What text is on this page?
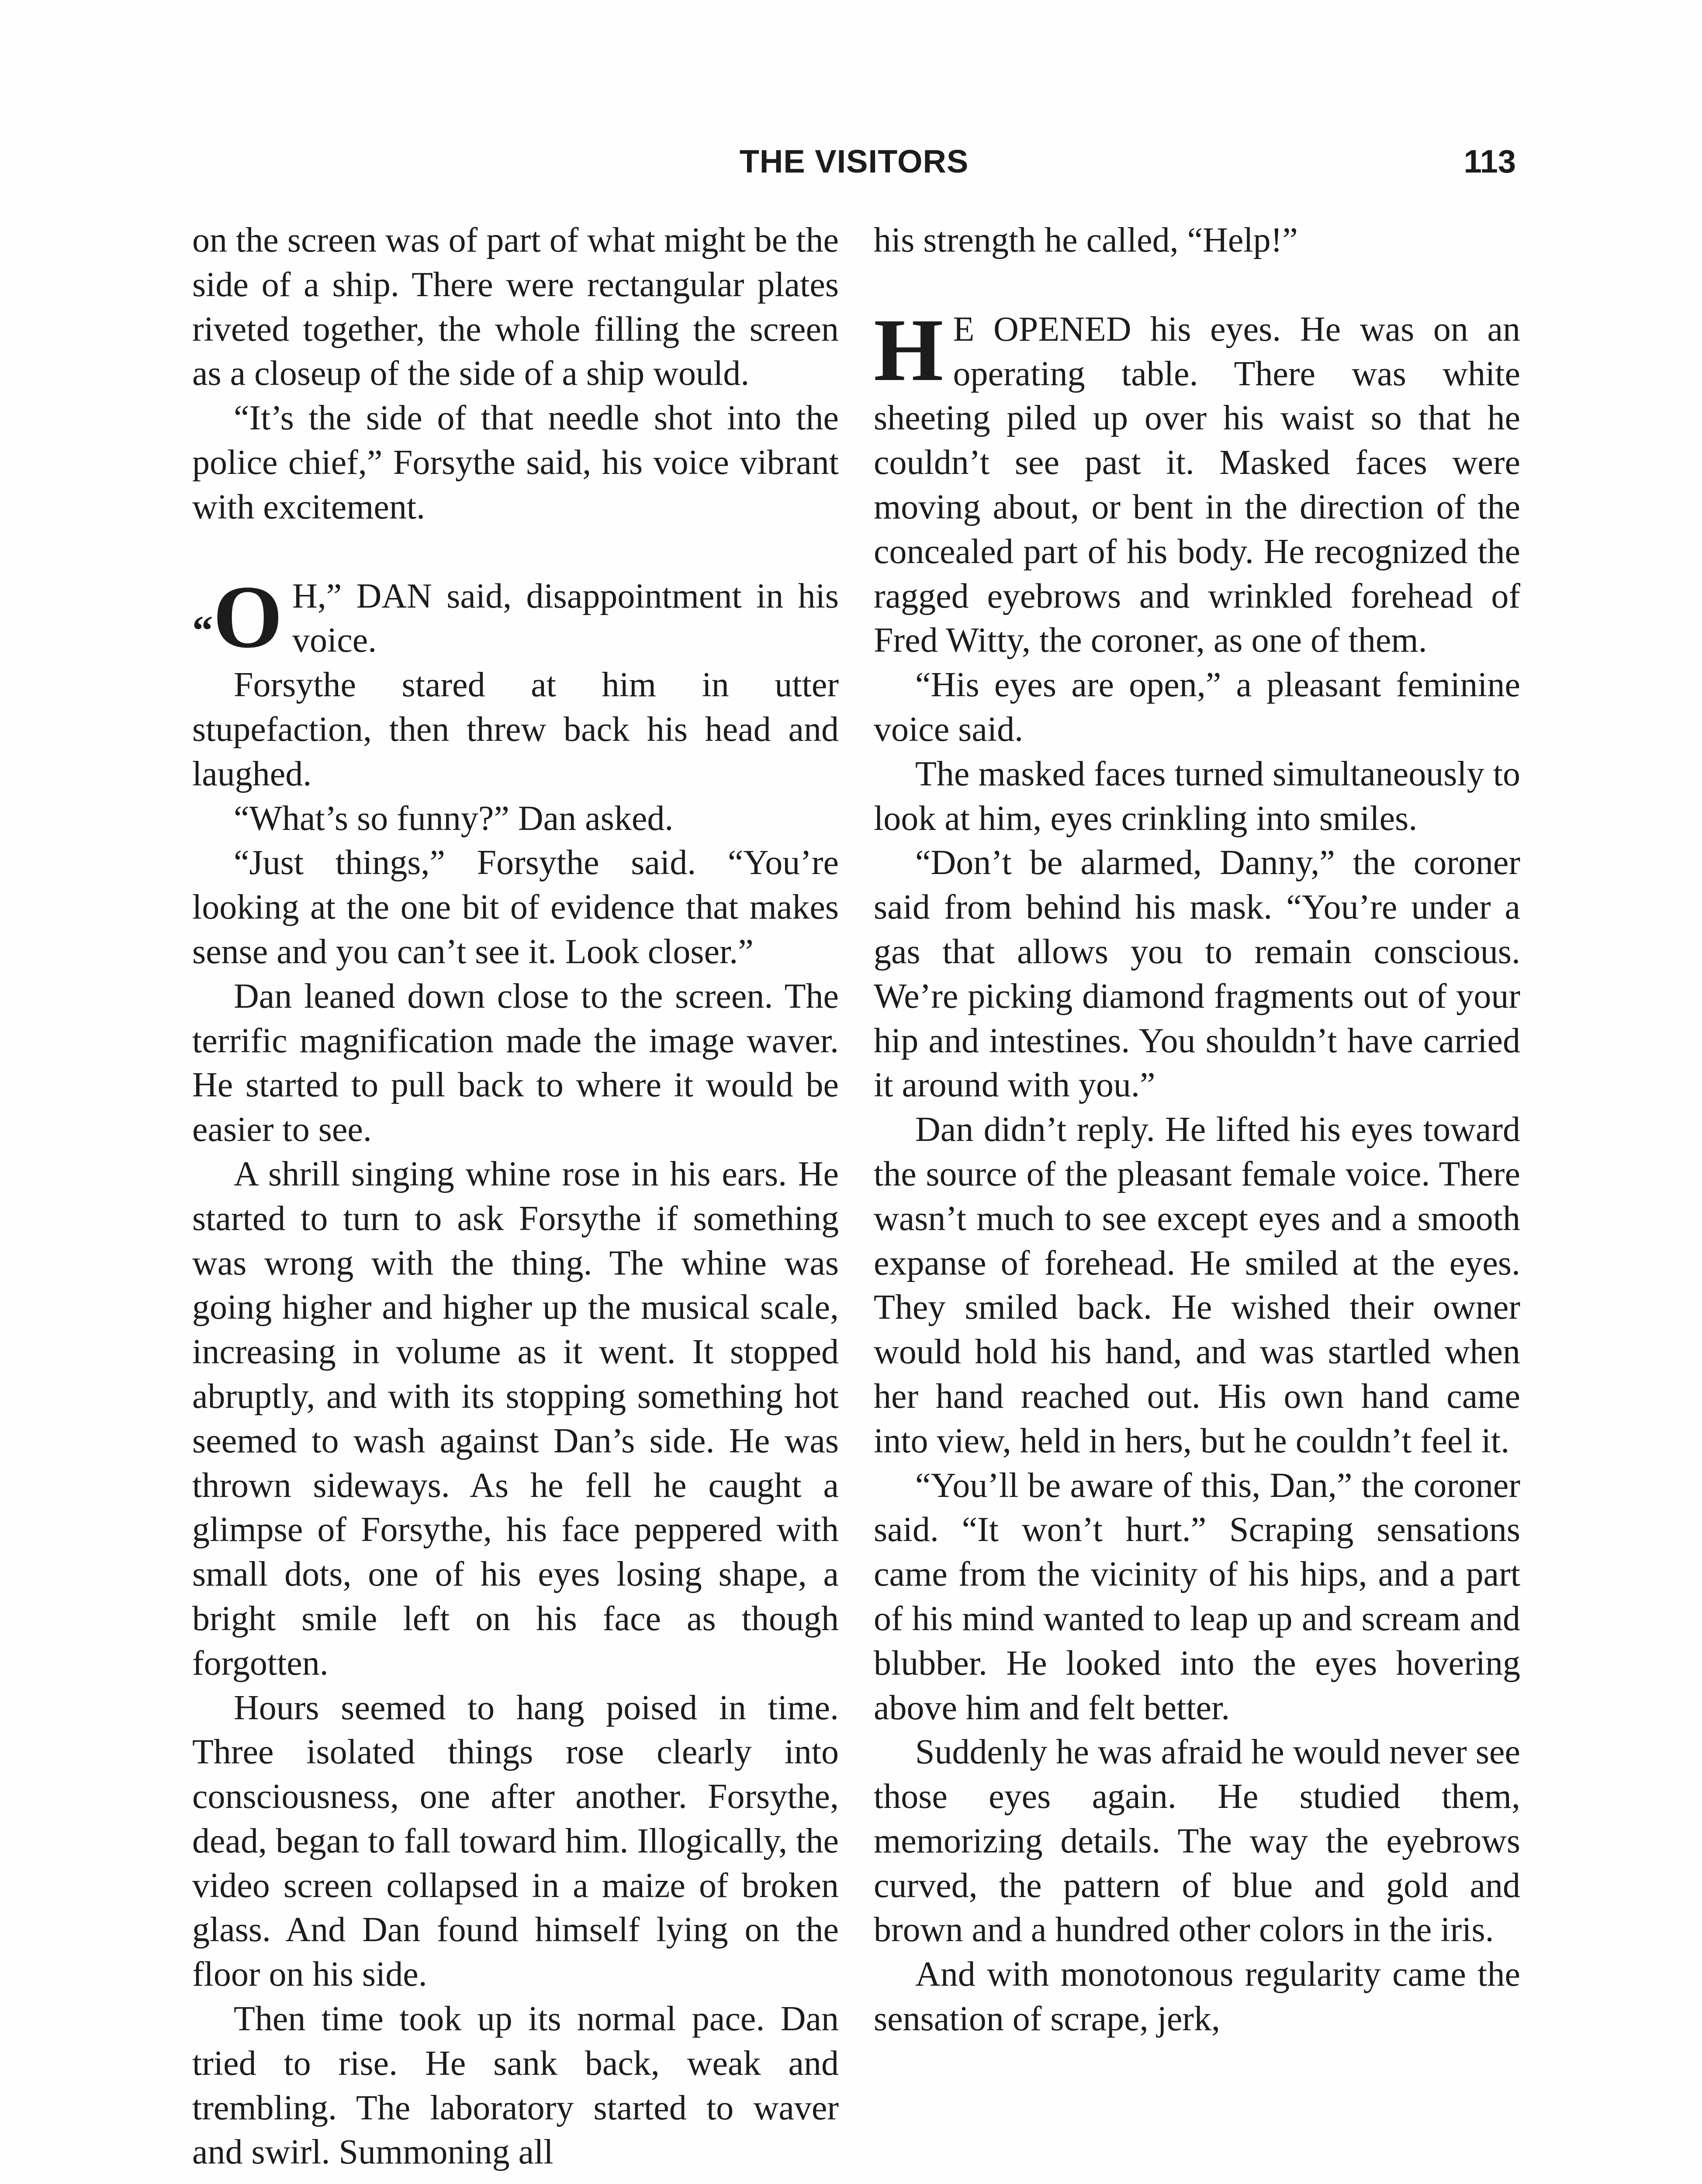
THE VISITORS	113

on the screen was of part of what might be the side of a ship. There were rectangular plates riveted together, the whole filling the screen as a closeup of the side of a ship would.

“It’s the side of that needle shot into the police chief,” Forsythe said, his voice vibrant with excitement.

“O H,” DAN said, disappointment in his voice.

Forsythe stared at him in utter stupefaction, then threw back his head and laughed.

“What’s so funny?” Dan asked.

“Just things,” Forsythe said. “You’re looking at the one bit of evidence that makes sense and you can’t see it. Look closer.”

Dan leaned down close to the screen. The terrific magnification made the image waver. He started to pull back to where it would be easier to see.

A shrill singing whine rose in his ears. He started to turn to ask Forsythe if something was wrong with the thing. The whine was going higher and higher up the musical scale, increasing in volume as it went. It stopped abruptly, and with its stopping something hot seemed to wash against Dan’s side. He was thrown sideways. As he fell he caught a glimpse of Forsythe, his face peppered with small dots, one of his eyes losing shape, a bright smile left on his face as though forgotten.

Hours seemed to hang poised in time. Three isolated things rose clearly into consciousness, one after another. Forsythe, dead, began to fall toward him. Illogically, the video screen collapsed in a maize of broken glass. And Dan found himself lying on the floor on his side.

Then time took up its normal pace. Dan tried to rise. He sank back, weak and trembling. The laboratory started to waver and swirl. Summoning all

his strength he called, “Help!”

H E OPENED his eyes. He was on an operating table. There was white sheeting piled up over his waist so that he couldn’t see past it. Masked faces were moving about, or bent in the direction of the concealed part of his body. He recognized the ragged eyebrows and wrinkled forehead of Fred Witty, the coroner, as one of them.

“His eyes are open,” a pleasant feminine voice said.

The masked faces turned simultaneously to look at him, eyes crinkling into smiles.

“Don’t be alarmed, Danny,” the coroner said from behind his mask. “You’re under a gas that allows you to remain conscious. We’re picking diamond fragments out of your hip and intestines. You shouldn’t have carried it around with you.”

Dan didn’t reply. He lifted his eyes toward the source of the pleasant female voice. There wasn’t much to see except eyes and a smooth expanse of forehead. He smiled at the eyes. They smiled back. He wished their owner would hold his hand, and was startled when her hand reached out. His own hand came into view, held in hers, but he couldn’t feel it.

“You’ll be aware of this, Dan,” the coroner said. “It won’t hurt.” Scraping sensations came from the vicinity of his hips, and a part of his mind wanted to leap up and scream and blubber. He looked into the eyes hovering above him and felt better.

Suddenly he was afraid he would never see those eyes again. He studied them, memorizing details. The way the eyebrows curved, the pattern of blue and gold and brown and a hundred other colors in the iris.

And with monotonous regularity came the sensation of scrape, jerk,
